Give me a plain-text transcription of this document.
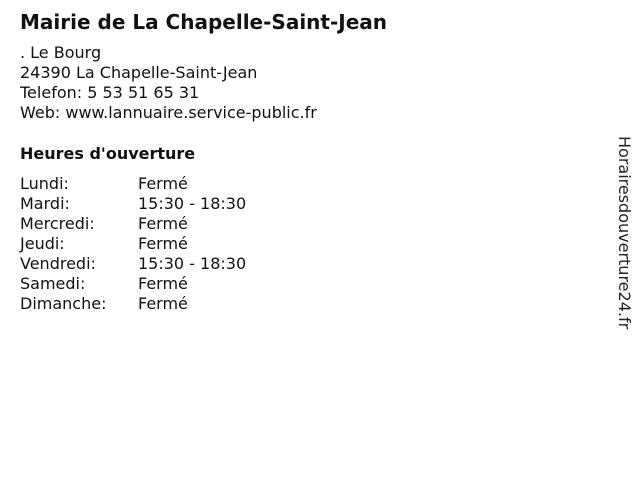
Mairie de La Chapelle-Saint-Jean
. Le Bourg
24390 La Chapelle-Saint-Jean
Telefon: 5 53 51 65 31
Web: www.lannuaire.service-public.fr
Heures d'ouverture
Lundi:	Fermé
Mardi:	15:30 - 18:30
Mercredi:	Fermé
Jeudi:	Fermé
Vendredi:	15:30 - 18:30
Samedi:	Fermé
Dimanche:	Fermé	Horairesdouverture24.fr
